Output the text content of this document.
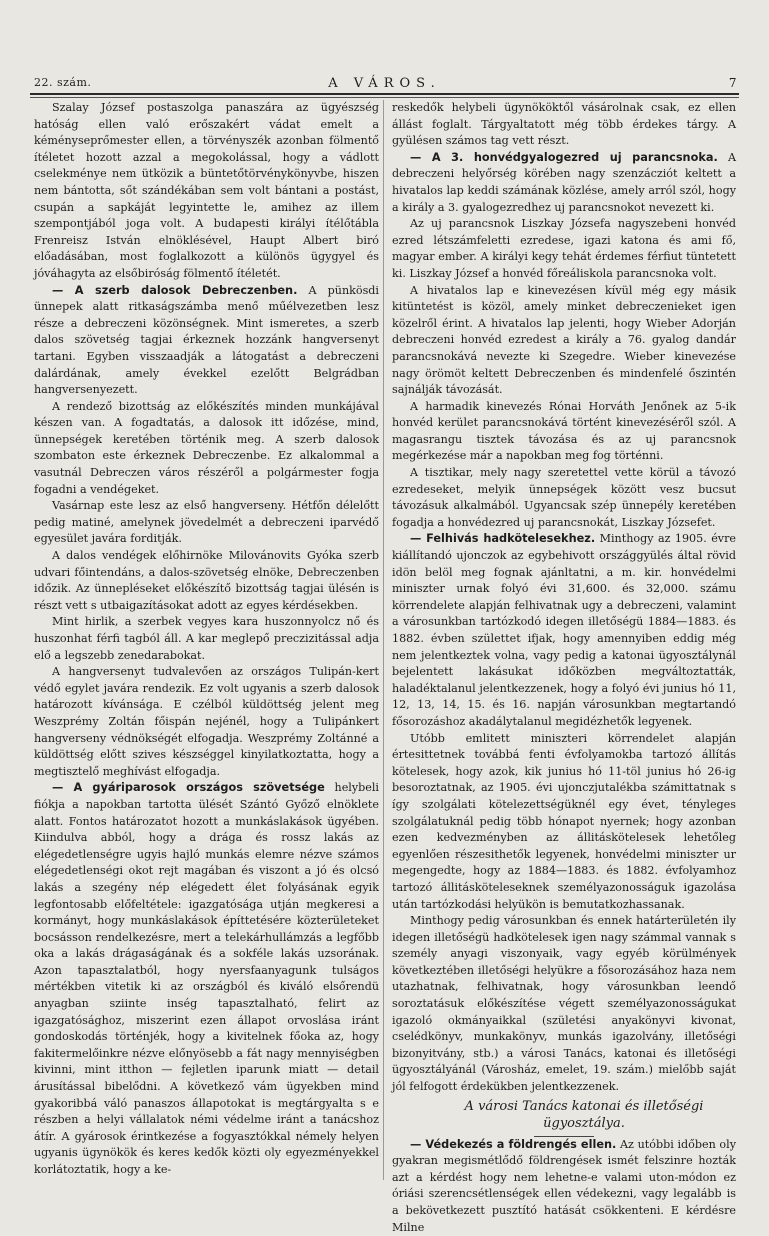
22. szám.	A VÁROS.	7

Szalay József postaszolga panaszára az ügyészség hatóság ellen való erőszakért vádat emelt a kéményseprőmester ellen, a törvényszék azonban fölmentő ítéletet hozott azzal a megokolással, hogy a vádlott cselekménye nem ütközik a büntetőtörvénykönyvbe, hiszen nem bántotta, sőt szándékában sem volt bántani a postást, csupán a sapkáját legyintette le, amihez az illem szempontjából joga volt. A budapesti királyi ítélőtábla Frenreisz István elnöklésével, Haupt Albert biró előadásában, most foglalkozott a különös ügygyel és jóváhagyta az elsőbiróság fölmentő ítéletét.

— A szerb dalosok Debreczenben. A pünkösdi ünnepek alatt ritkaságszámba menő műélvezetben lesz része a debreczeni közönségnek. Mint ismeretes, a szerb dalos szövetség tagjai érkeznek hozzánk hangversenyt tartani. Egyben visszaadják a látogatást a debreczeni dalárdának, amely évekkel ezelőtt Belgrádban hangversenyezett.

A rendező bizottság az előkészítés minden munkájával készen van. A fogadtatás, a dalosok itt időzése, mind, ünnepségek keretében történik meg. A szerb dalosok szombaton este érkeznek Debreczenbe. Ez alkalommal a vasutnál Debreczen város részéről a polgármester fogja fogadni a vendégeket.

Vasárnap este lesz az első hangverseny. Hétfőn délelőtt pedig matiné, amelynek jövedelmét a debreczeni iparvédő egyesület javára forditják.

A dalos vendégek előhirnöke Milovánovits Gyóka szerb udvari főintendáns, a dalos-szövetség elnöke, Debreczenben időzik. Az ünnepléseket előkészítő bizottság tagjai ülésén is részt vett s utbaigazításokat adott az egyes kérdésekben.

Mint hirlik, a szerbek vegyes kara huszonnyolcz nő és huszonhat férfi tagból áll. A kar meglepő preczizitással adja elő a legszebb zenedarabokat.

A hangversenyt tudvalevően az országos Tulipán-kert védő egylet javára rendezik. Ez volt ugyanis a szerb dalosok határozott kívánsága. E czélból küldöttség jelent meg Weszprémy Zoltán főispán nejénél, hogy a Tulipánkert hangverseny védnökségét elfogadja. Weszprémy Zoltánné a küldöttség előtt szives készséggel kinyilatkoztatta, hogy a megtisztelő meghívást elfogadja.

— A gyáriparosok országos szövetsége helybeli fiókja a napokban tartotta ülését Szántó Győző elnöklete alatt. Fontos határozatot hozott a munkáslakások ügyében. Kiindulva abból, hogy a drága és rossz lakás az elégedetlenségre ugyis hajló munkás elemre nézve számos elégedetlenségi okot rejt magában és viszont a jó és olcsó lakás a szegény nép elégedett élet folyásának egyik legfontosabb előfeltétele: igazgatósága utján megkeresi a kormányt, hogy munkáslakások építtetésére közterületeket bocsásson rendelkezésre, mert a telekárhullámzás a legfőbb oka a lakás drágaságának és a sokféle lakás uzsorának. Azon tapasztalatból, hogy nyersfaanyagunk tulságos mértékben vitetik ki az országból és kiváló elsőrendü anyagban sziinte inség tapasztalható, felirt az igazgatósághoz, miszerint ezen állapot orvoslása iránt gondoskodás történjék, hogy a kivitelnek főoka az, hogy fakitermelőinkre nézve előnyösebb a fát nagy mennyiségben kivinni, mint itthon — fejletlen iparunk miatt — detail árusítással bibelődni. A következő vám ügyekben mind gyakoribbá váló panaszos állapotokat is megtárgyalta s e részben a helyi vállalatok némi védelme iránt a tanácshoz átír. A gyárosok érintkezése a fogyasztókkal némely helyen ugyanis ügynökök és keres kedők közti oly egyezményekkel korlátoztatik, hogy a ke-

reskedők helybeli ügynököktől vásárolnak csak, ez ellen állást foglalt. Tárgyaltatott még több érdekes tárgy. A gyülésen számos tag vett részt.

— A 3. honvédgyalogezred uj parancsnoka. A debreczeni helyőrség körében nagy szenzácziót keltett a hivatalos lap keddi számának közlése, amely arról szól, hogy a király a 3. gyalogezredhez uj parancsnokot nevezett ki.

Az uj parancsnok Liszkay Józsefa nagyszebeni honvéd ezred létszámfeletti ezredese, igazi katona és ami fő, magyar ember. A királyi kegy tehát érdemes férfiut tüntetett ki. Liszkay József a honvéd főreáliskola parancsnoka volt.

A hivatalos lap e kinevezésen kívül még egy másik kitüntetést is közöl, amely minket debreczenieket igen közelről érint. A hivatalos lap jelenti, hogy Wieber Adorján debreczeni honvéd ezredest a király a 76. gyalog dandár parancsnokává nevezte ki Szegedre. Wieber kinevezése nagy örömöt keltett Debreczenben és mindenfelé őszintén sajnálják távozását.

A harmadik kinevezés Rónai Horváth Jenőnek az 5-ik honvéd kerület parancsnokává történt kinevezéséről szól. A magasrangu tisztek távozása és az uj parancsnok megérkezése már a napokban meg fog történni.

A tisztikar, mely nagy szeretettel vette körül a távozó ezredeseket, melyik ünnepségek között vesz bucsut távozásuk alkalmából. Ugyancsak szép ünnepély keretében fogadja a honvédezred uj parancsnokát, Liszkay Józsefet.

— Felhivás hadkötelesekhez. Minthogy az 1905. évre kiállítandó ujonczok az egybehivott országgyülés által rövid idön belöl meg fognak ajánltatni, a m. kir. honvédelmi miniszter urnak folyó évi 31,600. és 32,000. számu körrendelete alapján felhivatnak ugy a debreczeni, valamint a városunkban tartózkodó idegen illetőségü 1884—1883. és 1882. évben születtet ifjak, hogy amennyiben eddig még nem jelentkeztek volna, vagy pedig a katonai ügyosztálynál bejelentett lakásukat időközben megváltoztatták, haladéktalanul jelentkezzenek, hogy a folyó évi junius hó 11, 12, 13, 14, 15. és 16. napján városunkban megtartandó fősorozáshoz akadálytalanul megidézhetők legyenek.

Utóbb emlitett miniszteri körrendelet alapján értesittetnek továbbá fenti évfolyamokba tartozó állítás kötelesek, hogy azok, kik junius hó 11-töl junius hó 26-ig besoroztatnak, az 1905. évi ujonczjutalékba számittatnak s így szolgálati kötelezettségüknél egy évet, tényleges szolgálatuknál pedig több hónapot nyernek; hogy azonban ezen kedvezményben az állitáskötelesek lehetőleg egyenlően részesithetők legyenek, honvédelmi miniszter ur megengedte, hogy az 1884—1883. és 1882. évfolyamhoz tartozó állitásköteleseknek személyazonosságuk igazolása után tartózkodási helyükön is bemutatkozhassanak.

Minthogy pedig városunkban és ennek határterületén ily idegen illetőségü hadkötelesek igen nagy számmal vannak s személy anyagi viszonyaik, vagy egyéb körülmények következtében illetőségi helyükre a fősorozásához haza nem utazhatnak, felhivatnak, hogy városunkban leendő soroztatásuk előkészítése végett személyazonosságukat igazoló okmányaikkal (születési anyakönyvi kivonat, cselédkönyv, munkakönyv, munkás igazolvány, illetőségi bizonyitvány, stb.) a városi Tanács, katonai és illetőségi ügyosztályánál (Városház, emelet, 19. szám.) mielőbb saját jól felfogott érdekükben jelentkezzenek.

A városi Tanács katonai és illetőségi ügyosztálya.

— Védekezés a földrengés ellen. Az utóbbi időben oly gyakran megismétlődő földrengések ismét felszinre hozták azt a kérdést hogy nem lehetne-e valami uton-módon ez óriási szerencsétlenségek ellen védekezni, vagy legalább is a bekövetkezett pusztító hatását csökkenteni. E kérdésre Milne
